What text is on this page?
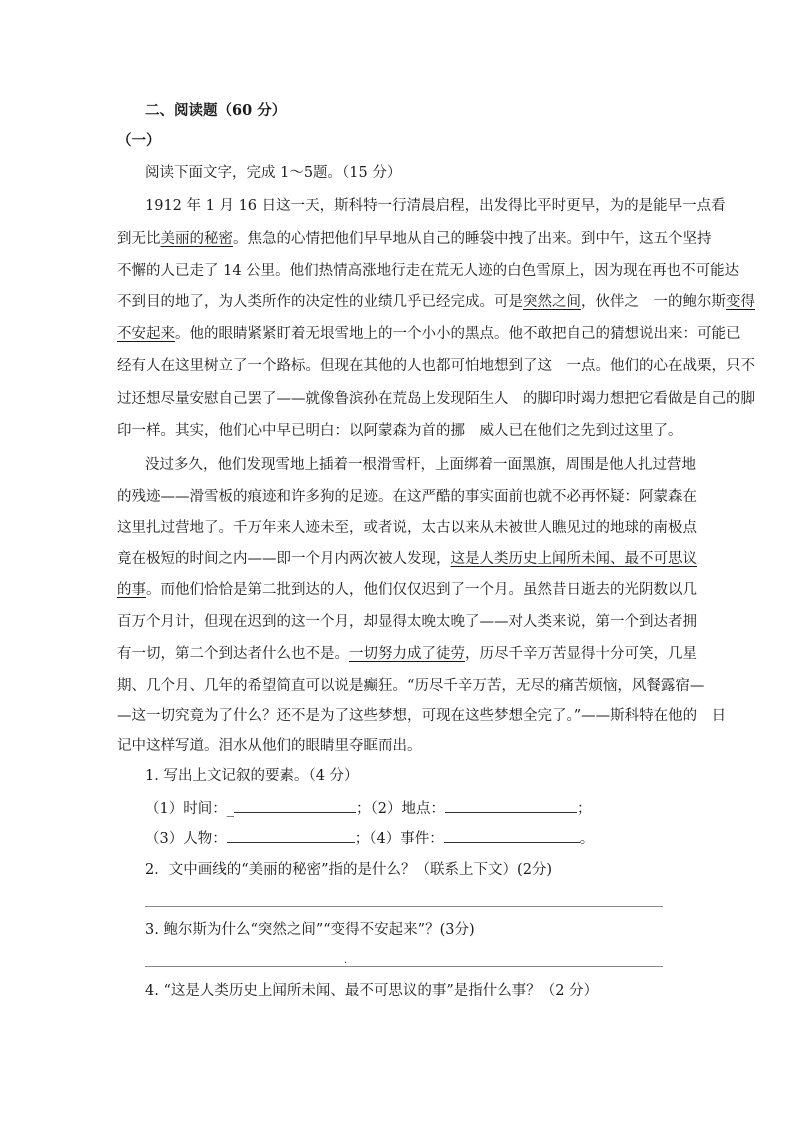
二、阅读题（60 分）
（一）
阅读下面文字，完成 1～5题。（15 分）
1912 年 1 月 16 日这一天，斯科特一行清晨启程，出发得比平时更早，为的是能早一点看
到无比美丽的秘密。焦急的心情把他们早早地从自己的睡袋中拽了出来。到中午，这五个坚持
不懈的人已走了 14 公里。他们热情高涨地行走在荒无人迹的白色雪原上，因为现在再也不可能达
不到目的地了，为人类所作的决定性的业绩几乎已经完成。可是突然之间，伙伴之　一的鲍尔斯变得
不安起来。他的眼睛紧紧盯着无垠雪地上的一个小小的黑点。他不敢把自己的猜想说出来：可能已
经有人在这里树立了一个路标。但现在其他的人也都可怕地想到了这　一点。他们的心在战栗，只不
过还想尽量安慰自己罢了——就像鲁滨孙在荒岛上发现陌生人　的脚印时竭力想把它看做是自己的脚
印一样。其实，他们心中早已明白：以阿蒙森为首的挪　威人已在他们之先到过这里了。
没过多久，他们发现雪地上插着一根滑雪杆，上面绑着一面黑旗，周围是他人扎过营地
的残迹——滑雪板的痕迹和许多狗的足迹。在这严酷的事实面前也就不必再怀疑：阿蒙森在
这里扎过营地了。千万年来人迹未至，或者说，太古以来从未被世人瞧见过的地球的南极点
竟在极短的时间之内——即一个月内两次被人发现，这是人类历史上闻所未闻、最不可思议
的事。而他们恰恰是第二批到达的人，他们仅仅迟到了一个月。虽然昔日逝去的光阴数以几
百万个月计，但现在迟到的这一个月，却显得太晚太晚了——对人类来说，第一个到达者拥
有一切，第二个到达者什么也不是。一切努力成了徒劳，历尽千辛万苦显得十分可笑，几星
期、几个月、几年的希望简直可以说是癫狂。“历尽千辛万苦，无尽的痛苦烦恼，风餐露宿—
—这一切究竟为了什么？还不是为了这些梦想，可现在这些梦想全完了。”——斯科特在他的　日
记中这样写道。泪水从他们的眼睛里夺眶而出。
1. 写出上文记叙的要素。（4 分）
（1）时间：_	；（2）地点：	；
（3）人物：	；（4）事件：	。
2．文中画线的“美丽的秘密”指的是什么？（联系上下文）(2分)
3. 鲍尔斯为什么“突然之间”“变得不安起来”？(3分)
.
4. “这是人类历史上闻所未闻、最不可思议的事”是指什么事？（2 分）
